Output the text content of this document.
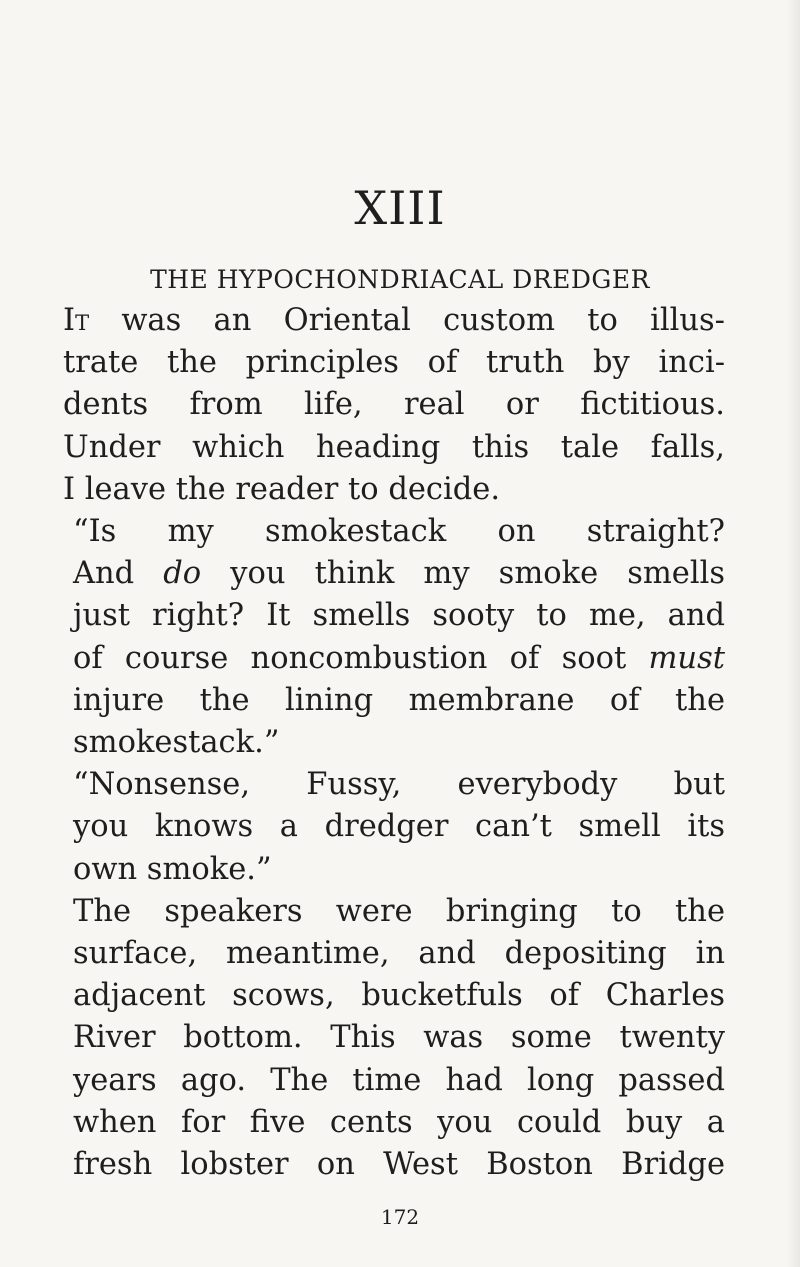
XIII
THE HYPOCHONDRIACAL DREDGER

It was an Oriental custom to illus-
trate the principles of truth by inci-
dents from life, real or fictitious.
Under which heading this tale falls,
I leave the reader to decide.

“Is my smokestack on straight?
And do you think my smoke smells
just right? It smells sooty to me, and
of course noncombustion of soot must
injure the lining membrane of the
smokestack.”

“Nonsense, Fussy, everybody but
you knows a dredger can’t smell its
own smoke.”

The speakers were bringing to the
surface, meantime, and depositing in
adjacent scows, bucketfuls of Charles
River bottom. This was some twenty
years ago. The time had long passed
when for five cents you could buy a
fresh lobster on West Boston Bridge

172
